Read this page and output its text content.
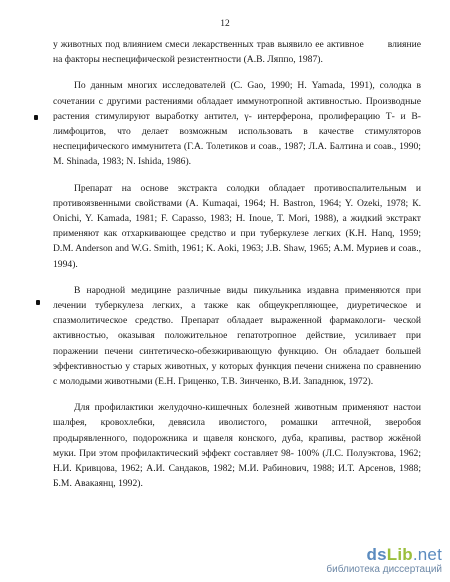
12

у животных под влиянием смеси лекарственных трав выявило ее активное	влияние на факторы неспецифической резистентности (А.В. Ляппо, 1987).

По данным многих исследователей (С. Gao, 1990; Н. Yamada, 1991), солодка в сочетании с другими растениями обладает иммунотропной активностью. Производные растения стимулируют выработку антител, γ- интерферона, пролиферацию Т- и В-лимфоцитов, что делает возможным использовать в качестве стимуляторов неспецифического иммунитета (Г.А. Толетиков и соав., 1987; Л.А. Балтина и соав., 1990; M. Shinada, 1983; N. Ishida, 1986).

Препарат на основе экстракта солодки обладает противоспалительным и противоязвенными свойствами (A. Kumaqai, 1964; Н. Bastron, 1964; Y. Ozeki, 1978; К. Onichi, Y. Kamada, 1981; F. Capasso, 1983; Н. Inoue, Т. Mori, 1988), а жидкий экстракт применяют как отхаркивающее средство и при туберкулезе легких (К.Н. Hanq, 1959; D.M. Anderson and W.G. Smith, 1961; K. Aoki, 1963; J.B. Shaw, 1965; А.М. Муриев и соав., 1994).

В народной медицине различные виды пикульника издавна применяются при лечении туберкулеза легких, а также как общеукрепляющее, диуретическое и спазмолитическое средство. Препарат обладает выраженной фармакологи- ческой активностью, оказывая положительное гепатотропное действие, усиливает при поражении печени синтетическо-обезжиривающую функцию. Он обладает большей эффективностью у старых животных, у которых функция печени снижена по сравнению с молодыми животными (Е.Н. Гриценко, Т.В. Зинченко, В.И. Западнюк, 1972).

Для профилактики желудочно-кишечных болезней животным применяют настои шалфея, кровохлебки, девясила иволистого, ромашки аптечной, зверобоя продырявленного, подорожника и щавеля конского, дуба, крапивы, раствор жжёной муки. При этом профилактический эффект составляет 98- 100% (Л.С. Полуэктова, 1962; Н.И. Кривцова, 1962; А.И. Сандаков, 1982; М.И. Рабинович, 1988; И.Т. Арсенов, 1988; Б.М. Авакаянц, 1992).

dsLib.net
библиотека диссертаций
